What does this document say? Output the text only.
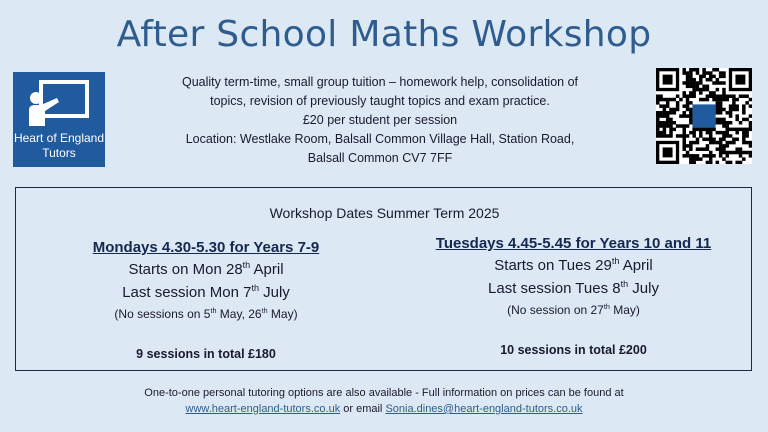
After School Maths Workshop
Heart of England
Tutors
Quality term-time, small group tuition – homework help, consolidation of
topics, revision of previously taught topics and exam practice.
£20 per student per session
Location: Westlake Room, Balsall Common Village Hall, Station Road,
Balsall Common CV7 7FF
Workshop Dates Summer Term 2025
Mondays 4.30-5.30 for Years 7-9
Starts on Mon 28th April
Last session Mon 7th July
(No sessions on 5th May, 26th May)
9 sessions in total £180
Tuesdays 4.45-5.45 for Years 10 and 11
Starts on Tues 29th April
Last session Tues 8th July
(No session on 27th May)
10 sessions in total £200
One-to-one personal tutoring options are also available - Full information on prices can be found at
www.heart-england-tutors.co.uk or email Sonia.dines@heart-england-tutors.co.uk
